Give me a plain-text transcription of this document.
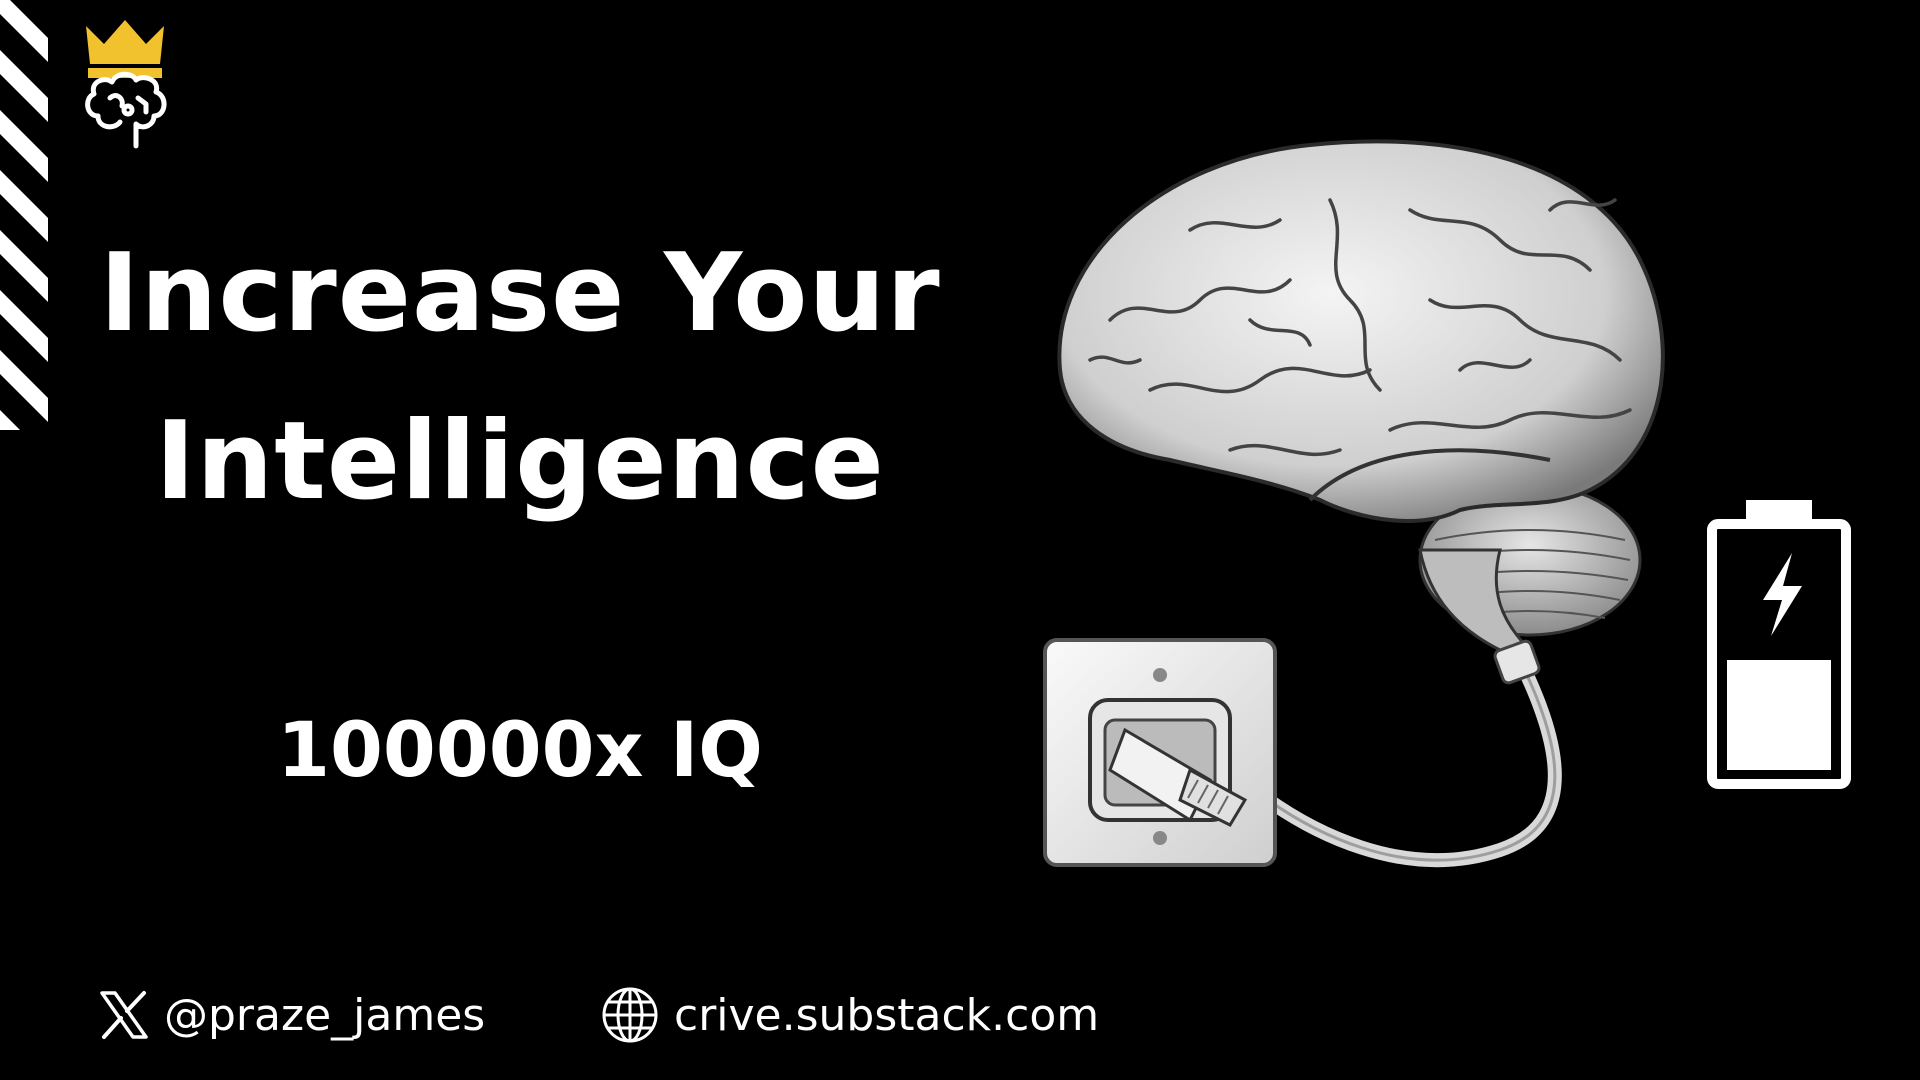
Increase Your
Intelligence
100000x IQ
@praze_james	crive.substack.com
